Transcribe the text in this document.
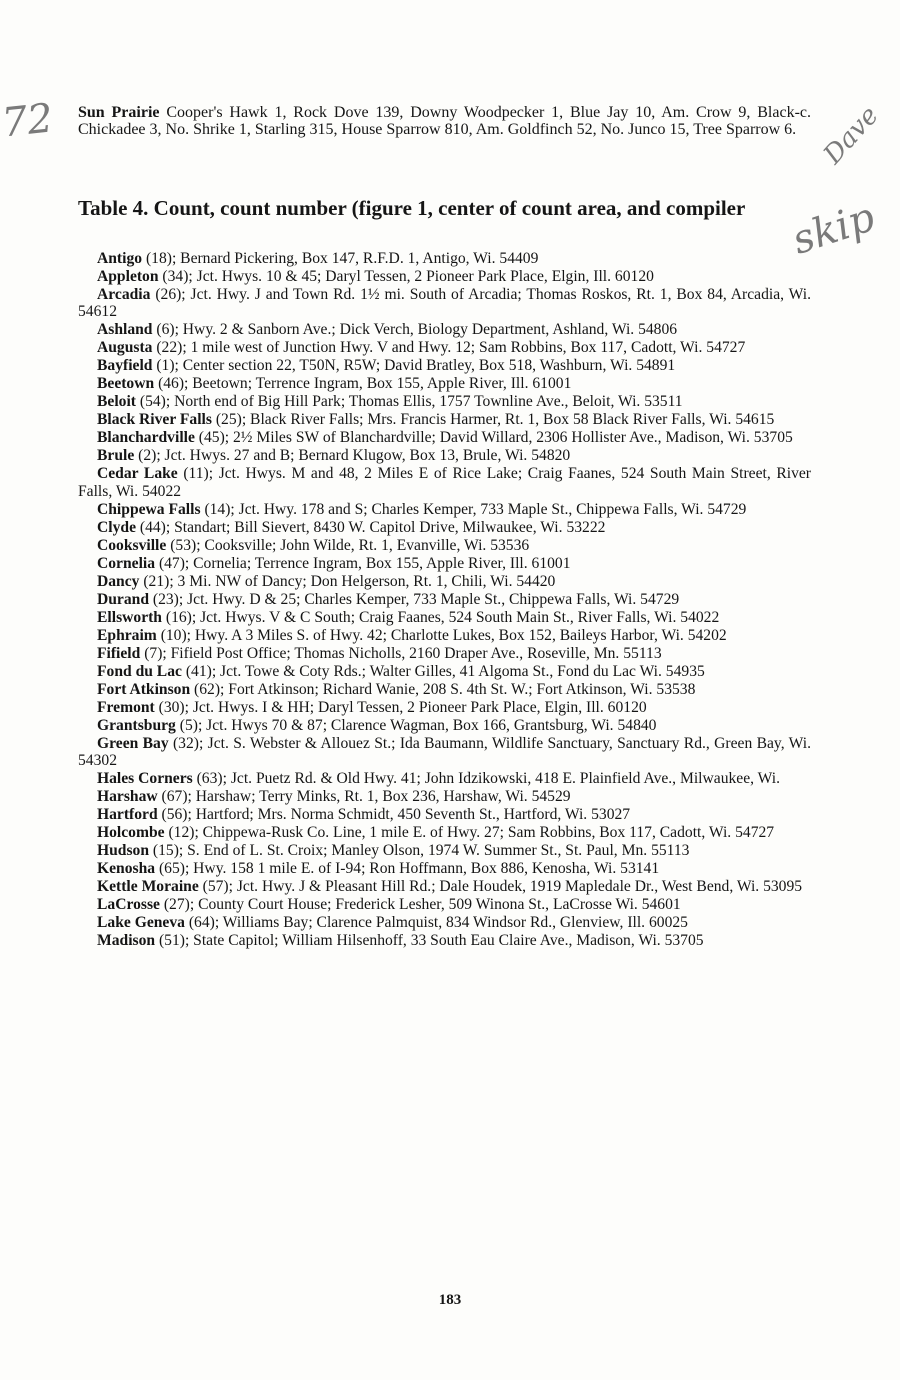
72	Dave
skip

Sun Prairie Cooper's Hawk 1, Rock Dove 139, Downy Woodpecker 1, Blue Jay 10, Am. Crow 9, Black-c. Chickadee 3, No. Shrike 1, Starling 315, House Sparrow 810, Am. Goldfinch 52, No. Junco 15, Tree Sparrow 6.

Table 4. Count, count number (figure 1, center of count area, and compiler

Antigo (18); Bernard Pickering, Box 147, R.F.D. 1, Antigo, Wi. 54409

Appleton (34); Jct. Hwys. 10 & 45; Daryl Tessen, 2 Pioneer Park Place, Elgin, Ill. 60120

Arcadia (26); Jct. Hwy. J and Town Rd. 1½ mi. South of Arcadia; Thomas Roskos, Rt. 1, Box 84, Arcadia, Wi. 54612

Ashland (6); Hwy. 2 & Sanborn Ave.; Dick Verch, Biology Department, Ashland, Wi. 54806

Augusta (22); 1 mile west of Junction Hwy. V and Hwy. 12; Sam Robbins, Box 117, Cadott, Wi. 54727

Bayfield (1); Center section 22, T50N, R5W; David Bratley, Box 518, Washburn, Wi. 54891

Beetown (46); Beetown; Terrence Ingram, Box 155, Apple River, Ill. 61001

Beloit (54); North end of Big Hill Park; Thomas Ellis, 1757 Townline Ave., Beloit, Wi. 53511

Black River Falls (25); Black River Falls; Mrs. Francis Harmer, Rt. 1, Box 58 Black River Falls, Wi. 54615

Blanchardville (45); 2½ Miles SW of Blanchardville; David Willard, 2306 Hollister Ave., Madison, Wi. 53705

Brule (2); Jct. Hwys. 27 and B; Bernard Klugow, Box 13, Brule, Wi. 54820

Cedar Lake (11); Jct. Hwys. M and 48, 2 Miles E of Rice Lake; Craig Faanes, 524 South Main Street, River Falls, Wi. 54022

Chippewa Falls (14); Jct. Hwy. 178 and S; Charles Kemper, 733 Maple St., Chippewa Falls, Wi. 54729

Clyde (44); Standart; Bill Sievert, 8430 W. Capitol Drive, Milwaukee, Wi. 53222

Cooksville (53); Cooksville; John Wilde, Rt. 1, Evanville, Wi. 53536

Cornelia (47); Cornelia; Terrence Ingram, Box 155, Apple River, Ill. 61001

Dancy (21); 3 Mi. NW of Dancy; Don Helgerson, Rt. 1, Chili, Wi. 54420

Durand (23); Jct. Hwy. D & 25; Charles Kemper, 733 Maple St., Chippewa Falls, Wi. 54729

Ellsworth (16); Jct. Hwys. V & C South; Craig Faanes, 524 South Main St., River Falls, Wi. 54022

Ephraim (10); Hwy. A 3 Miles S. of Hwy. 42; Charlotte Lukes, Box 152, Baileys Harbor, Wi. 54202

Fifield (7); Fifield Post Office; Thomas Nicholls, 2160 Draper Ave., Roseville, Mn. 55113

Fond du Lac (41); Jct. Towe & Coty Rds.; Walter Gilles, 41 Algoma St., Fond du Lac Wi. 54935

Fort Atkinson (62); Fort Atkinson; Richard Wanie, 208 S. 4th St. W.; Fort Atkinson, Wi. 53538

Fremont (30); Jct. Hwys. I & HH; Daryl Tessen, 2 Pioneer Park Place, Elgin, Ill. 60120

Grantsburg (5); Jct. Hwys 70 & 87; Clarence Wagman, Box 166, Grantsburg, Wi. 54840

Green Bay (32); Jct. S. Webster & Allouez St.; Ida Baumann, Wildlife Sanctuary, Sanctuary Rd., Green Bay, Wi. 54302

Hales Corners (63); Jct. Puetz Rd. & Old Hwy. 41; John Idzikowski, 418 E. Plainfield Ave., Milwaukee, Wi.

Harshaw (67); Harshaw; Terry Minks, Rt. 1, Box 236, Harshaw, Wi. 54529

Hartford (56); Hartford; Mrs. Norma Schmidt, 450 Seventh St., Hartford, Wi. 53027

Holcombe (12); Chippewa-Rusk Co. Line, 1 mile E. of Hwy. 27; Sam Robbins, Box 117, Cadott, Wi. 54727

Hudson (15); S. End of L. St. Croix; Manley Olson, 1974 W. Summer St., St. Paul, Mn. 55113

Kenosha (65); Hwy. 158 1 mile E. of I-94; Ron Hoffmann, Box 886, Kenosha, Wi. 53141

Kettle Moraine (57); Jct. Hwy. J & Pleasant Hill Rd.; Dale Houdek, 1919 Mapledale Dr., West Bend, Wi. 53095

LaCrosse (27); County Court House; Frederick Lesher, 509 Winona St., LaCrosse Wi. 54601

Lake Geneva (64); Williams Bay; Clarence Palmquist, 834 Windsor Rd., Glenview, Ill. 60025

Madison (51); State Capitol; William Hilsenhoff, 33 South Eau Claire Ave., Madison, Wi. 53705

183
